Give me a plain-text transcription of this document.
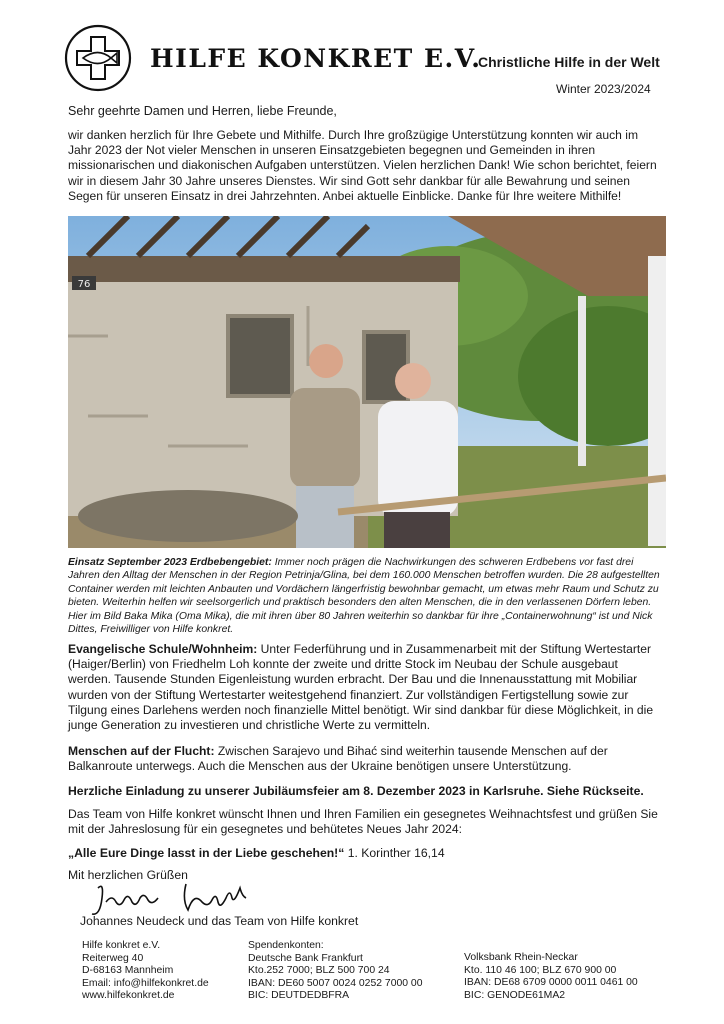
HILFE KONKRET E.V.
Christliche Hilfe in der Welt
Winter 2023/2024
Sehr geehrte Damen und Herren, liebe Freunde,
wir danken herzlich für Ihre Gebete und Mithilfe. Durch Ihre großzügige Unterstützung konnten wir auch im Jahr 2023 der Not vieler Menschen in unseren Einsatzgebieten begegnen und Gemeinden in ihren missionarischen und diakonischen Aufgaben unterstützen. Vielen herzlichen Dank! Wie schon berichtet, feiern wir in diesem Jahr 30 Jahre unseres Dienstes. Wir sind Gott sehr dankbar für alle Bewahrung und seinen Segen für unseren Einsatz in drei Jahrzehnten. Anbei aktuelle Einblicke. Danke für Ihre weitere Mithilfe!
76
Einsatz September 2023 Erdbebengebiet: Immer noch prägen die Nachwirkungen des schweren Erdbebens vor fast drei Jahren den Alltag der Menschen in der Region Petrinja/Glina, bei dem 160.000 Menschen betroffen wurden. Die 28 aufgestellten Container werden mit leichten Anbauten und Vordächern längerfristig bewohnbar gemacht, um etwas mehr Raum und Schutz zu bieten. Weiterhin helfen wir seelsorgerlich und praktisch besonders den alten Menschen, die in den verlassenen Dörfern leben. Hier im Bild Baka Mika (Oma Mika), die mit ihren über 80 Jahren weiterhin so dankbar für ihre „Containerwohnung“ ist und Nick Dittes, Freiwilliger von Hilfe konkret.
Evangelische Schule/Wohnheim: Unter Federführung und in Zusammenarbeit mit der Stiftung Wertestarter (Haiger/Berlin) von Friedhelm Loh konnte der zweite und dritte Stock im Neubau der Schule ausgebaut werden. Tausende Stunden Eigenleistung wurden erbracht. Der Bau und die Innenausstattung mit Mobiliar wurden von der Stiftung Wertestarter weitestgehend finanziert. Zur vollständigen Fertigstellung sowie zur Tilgung eines Darlehens werden noch finanzielle Mittel benötigt. Wir sind dankbar für diese Möglichkeit, in die junge Generation zu investieren und christliche Werte zu vermitteln.
Menschen auf der Flucht: Zwischen Sarajevo und Bihać sind weiterhin tausende Menschen auf der Balkanroute unterwegs. Auch die Menschen aus der Ukraine benötigen unsere Unterstützung.
Herzliche Einladung zu unserer Jubiläumsfeier am 8. Dezember 2023 in Karlsruhe. Siehe Rückseite.
Das Team von Hilfe konkret wünscht Ihnen und Ihren Familien ein gesegnetes Weihnachtsfest und grüßen Sie mit der Jahreslosung für ein gesegnetes und behütetes Neues Jahr 2024:
„Alle Eure Dinge lasst in der Liebe geschehen!“ 1. Korinther 16,14
Mit herzlichen Grüßen
Johannes Neudeck und das Team von Hilfe konkret
Hilfe konkret e.V.
Reiterweg 40
D-68163 Mannheim
Email: info@hilfekonkret.de
www.hilfekonkret.de
Spendenkonten:
Deutsche Bank Frankfurt
Kto.252 7000; BLZ 500 700 24
IBAN: DE60 5007 0024 0252 7000 00
BIC: DEUTDEDBFRA
Volksbank Rhein-Neckar
Kto. 110 46 100; BLZ 670 900 00
IBAN: DE68 6709 0000 0011 0461 00
BIC: GENODE61MA2
